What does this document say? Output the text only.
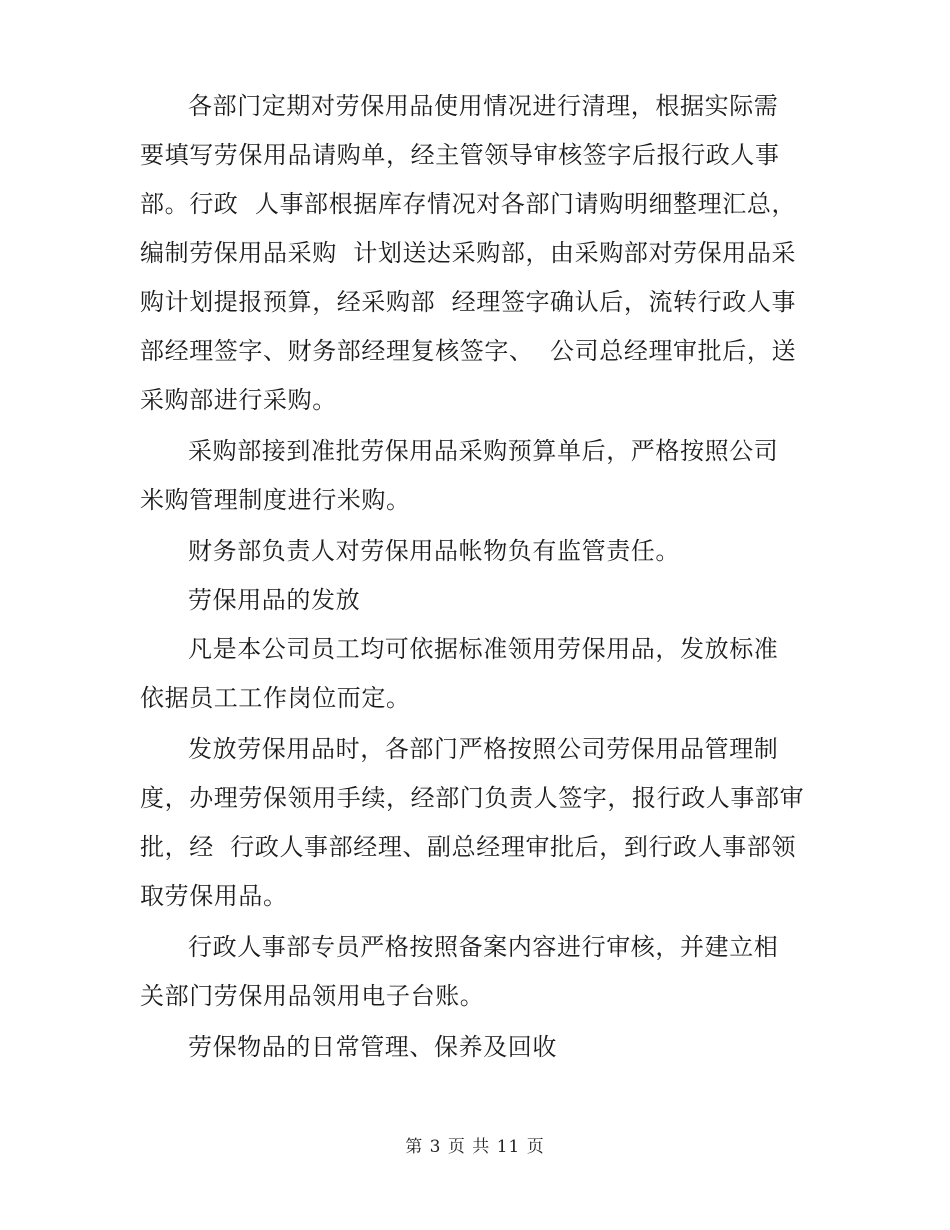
各部门定期对劳保用品使用情况进行清理，根据实际需
要填写劳保用品请购单，经主管领导审核签字后报行政人事
部。行政  人事部根据库存情况对各部门请购明细整理汇总，
编制劳保用品采购  计划送达采购部，由采购部对劳保用品采
购计划提报预算，经采购部  经理签字确认后，流转行政人事
部经理签字、财务部经理复核签字、  公司总经理审批后，送
采购部进行采购。
采购部接到准批劳保用品采购预算单后，严格按照公司
米购管理制度进行米购。
财务部负责人对劳保用品帐物负有监管责任。
劳保用品的发放
凡是本公司员工均可依据标准领用劳保用品，发放标准
依据员工工作岗位而定。
发放劳保用品时，各部门严格按照公司劳保用品管理制
度，办理劳保领用手续，经部门负责人签字，报行政人事部审
批，经  行政人事部经理、副总经理审批后，到行政人事部领
取劳保用品。
行政人事部专员严格按照备案内容进行审核，并建立相
关部门劳保用品领用电子台账。
劳保物品的日常管理、保养及回收
第 3 页 共 11 页
